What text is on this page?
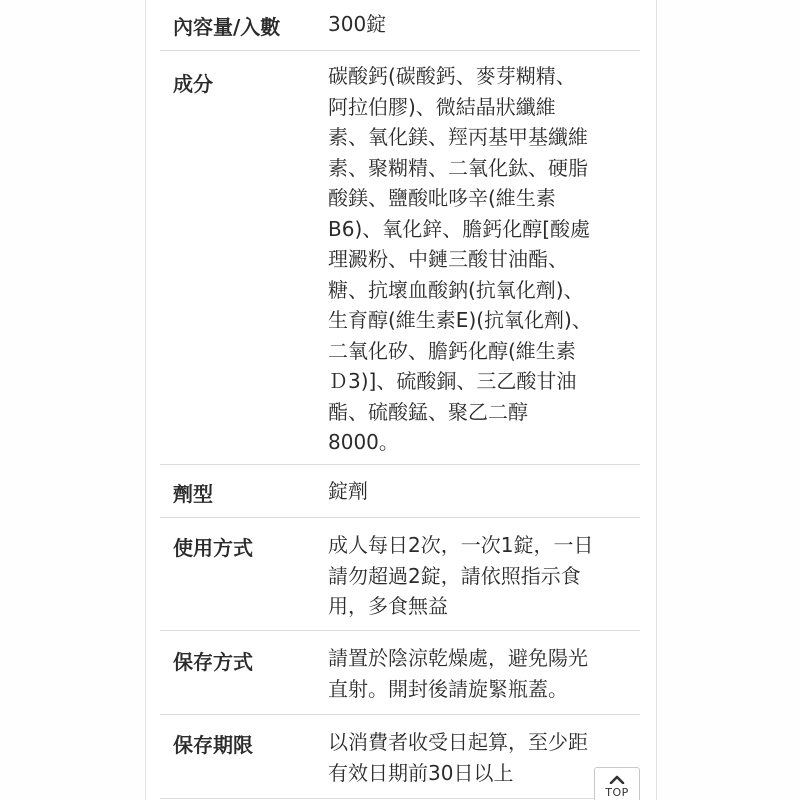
內容量/入數	300錠
成分	碳酸鈣(碳酸鈣、麥芽糊精、
阿拉伯膠)、微結晶狀纖維
素、氧化鎂、羥丙基甲基纖維
素、聚糊精、二氧化鈦、硬脂
酸鎂、鹽酸吡哆辛(維生素
B6)、氧化鋅、膽鈣化醇[酸處
理澱粉、中鏈三酸甘油酯、
糖、抗壞血酸鈉(抗氧化劑)、
生育醇(維生素E)(抗氧化劑)、
二氧化矽、膽鈣化醇(維生素
Ｄ3)]、硫酸銅、三乙酸甘油
酯、硫酸錳、聚乙二醇
8000。
劑型	錠劑
使用方式	成人每日2次，一次1錠，一日
請勿超過2錠，請依照指示食
用，多食無益
保存方式	請置於陰涼乾燥處，避免陽光
直射。開封後請旋緊瓶蓋。
保存期限	以消費者收受日起算，至少距
有效日期前30日以上
TOP
